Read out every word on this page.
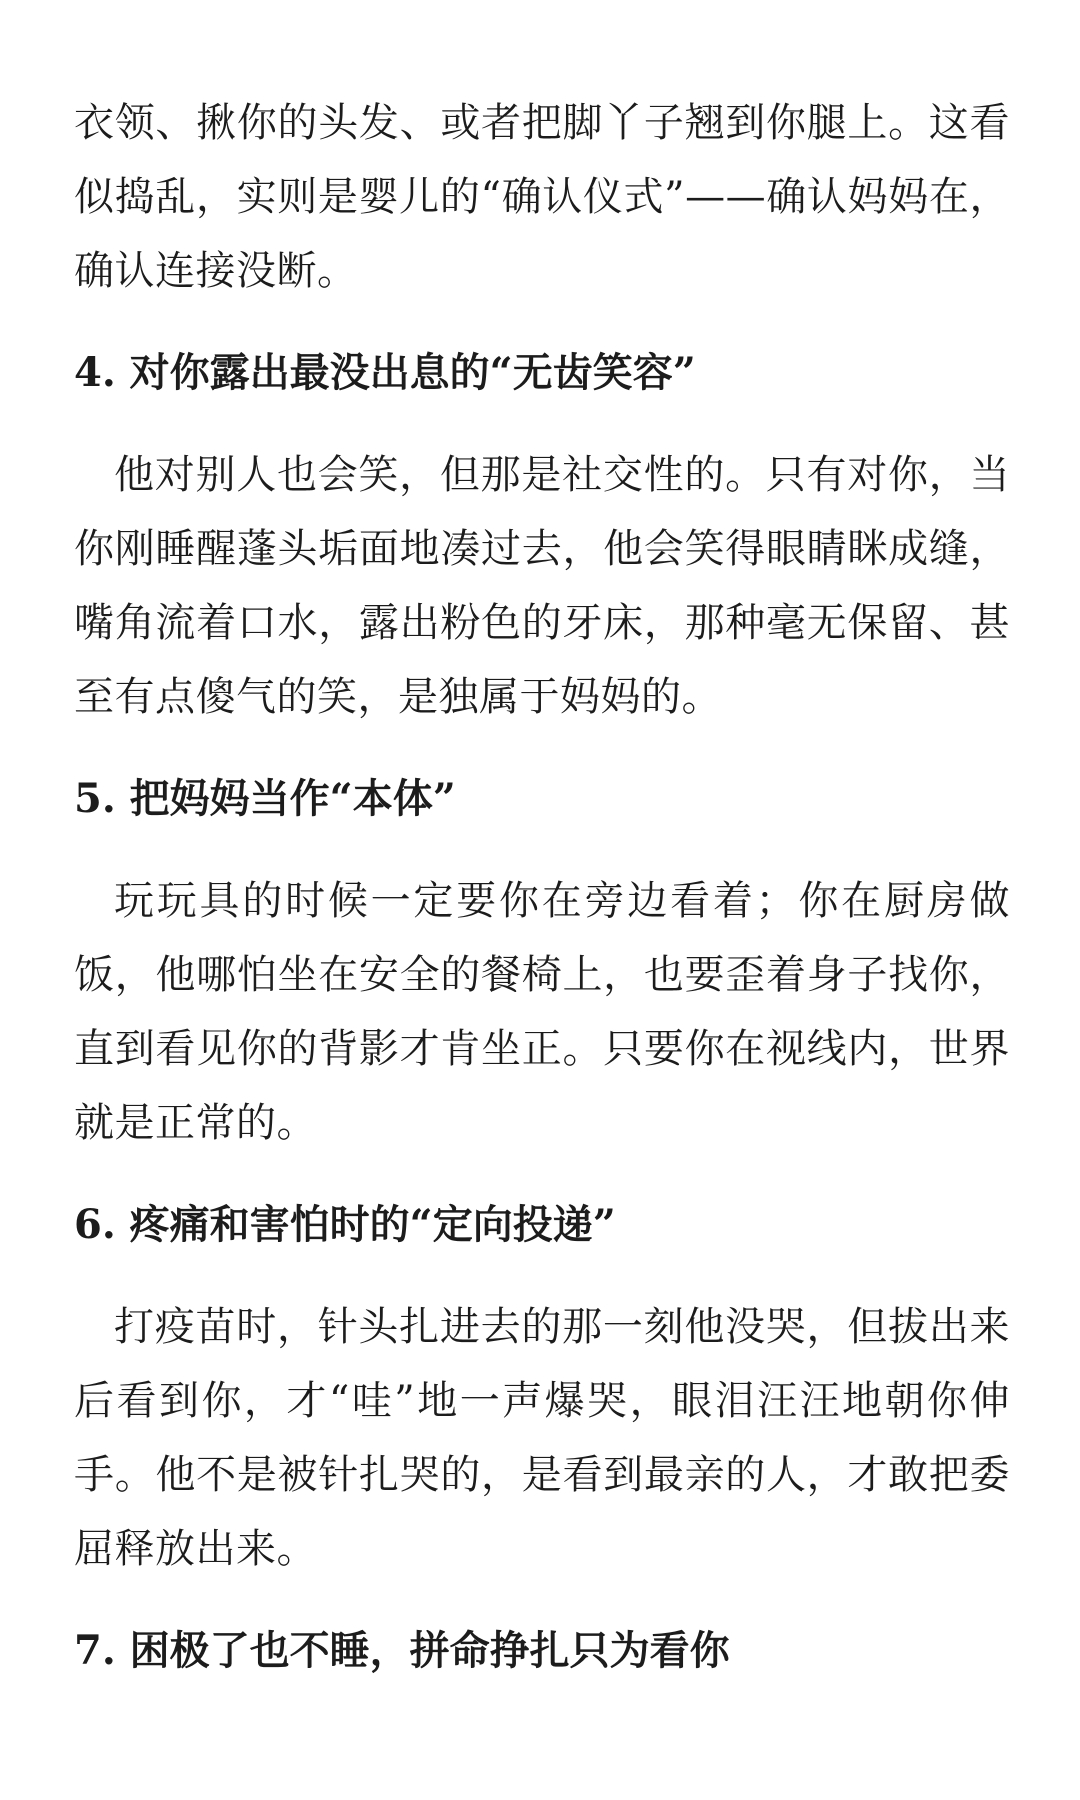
衣领、揪你的头发、或者把脚丫子翘到你腿上。这看似捣乱，实则是婴儿的“确认仪式”——确认妈妈在，确认连接没断。

4. 对你露出最没出息的“无齿笑容”

他对别人也会笑，但那是社交性的。只有对你，当你刚睡醒蓬头垢面地凑过去，他会笑得眼睛眯成缝，嘴角流着口水，露出粉色的牙床，那种毫无保留、甚至有点傻气的笑，是独属于妈妈的。

5. 把妈妈当作“本体”

玩玩具的时候一定要你在旁边看着；你在厨房做饭，他哪怕坐在安全的餐椅上，也要歪着身子找你，直到看见你的背影才肯坐正。只要你在视线内，世界就是正常的。

6. 疼痛和害怕时的“定向投递”

打疫苗时，针头扎进去的那一刻他没哭，但拔出来后看到你，才“哇”地一声爆哭，眼泪汪汪地朝你伸手。他不是被针扎哭的，是看到最亲的人，才敢把委屈释放出来。

7. 困极了也不睡，拼命挣扎只为看你
